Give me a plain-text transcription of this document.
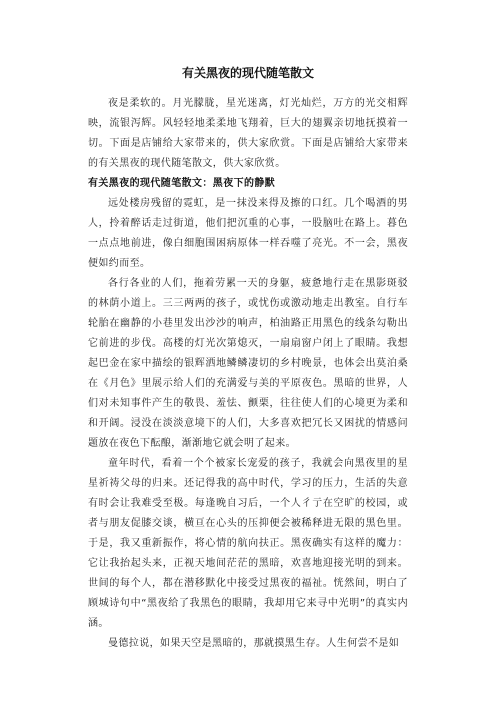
有关黑夜的现代随笔散文

夜是柔软的。月光朦胧，星光迷离，灯光灿烂，万方的光交相辉映，流银泻辉。风轻轻地柔柔地飞翔着，巨大的翅翼亲切地抚摸着一切。下面是店铺给大家带来的，供大家欣赏。下面是店铺给大家带来的有关黑夜的现代随笔散文，供大家欣赏。

有关黑夜的现代随笔散文：黑夜下的静默

远处楼房残留的霓虹，是一抹没来得及擦的口红。几个喝酒的男人，拎着醉话走过街道，他们把沉重的心事，一股脑吐在路上。暮色一点点地前进，像白细胞围困病原体一样吞噬了亮光。不一会，黑夜便如约而至。

各行各业的人们，拖着劳累一天的身躯，疲惫地行走在黑影斑驳的林荫小道上。三三两两的孩子，或忧伤或激动地走出教室。自行车轮胎在幽静的小巷里发出沙沙的响声，柏油路正用黑色的线条勾勒出它前进的步伐。高楼的灯光次第熄灭，一扇扇窗户闭上了眼睛。我想起巴金在家中描绘的银辉洒地鳞鳞凄切的乡村晚景，也体会出莫泊桑在《月色》里展示给人们的充满爱与美的平原夜色。黑暗的世界，人们对未知事件产生的敬畏、羞怯、颤栗，往往使人们的心境更为柔和和开阔。浸没在淡淡意境下的人们，大多喜欢把冗长又困扰的情感问题放在夜色下酝酿，渐渐地它就会明了起来。

童年时代，看着一个个被家长宠爱的孩子，我就会向黑夜里的星星祈祷父母的归来。还记得我的高中时代，学习的压力，生活的失意有时会让我难受至极。每逢晚自习后，一个人彳亍在空旷的校园，或者与朋友促膝交谈，横亘在心头的压抑便会被稀释进无限的黑色里。于是，我又重新振作，将心情的航向扶正。黑夜确实有这样的魔力：它让我抬起头来，正视天地间茫茫的黑暗，欢喜地迎接光明的到来。世间的每个人，都在潜移默化中接受过黑夜的福祉。恍然间，明白了顾城诗句中“黑夜给了我黑色的眼睛，我却用它来寻中光明”的真实内涵。

曼德拉说，如果天空是黑暗的，那就摸黑生存。人生何尝不是如
